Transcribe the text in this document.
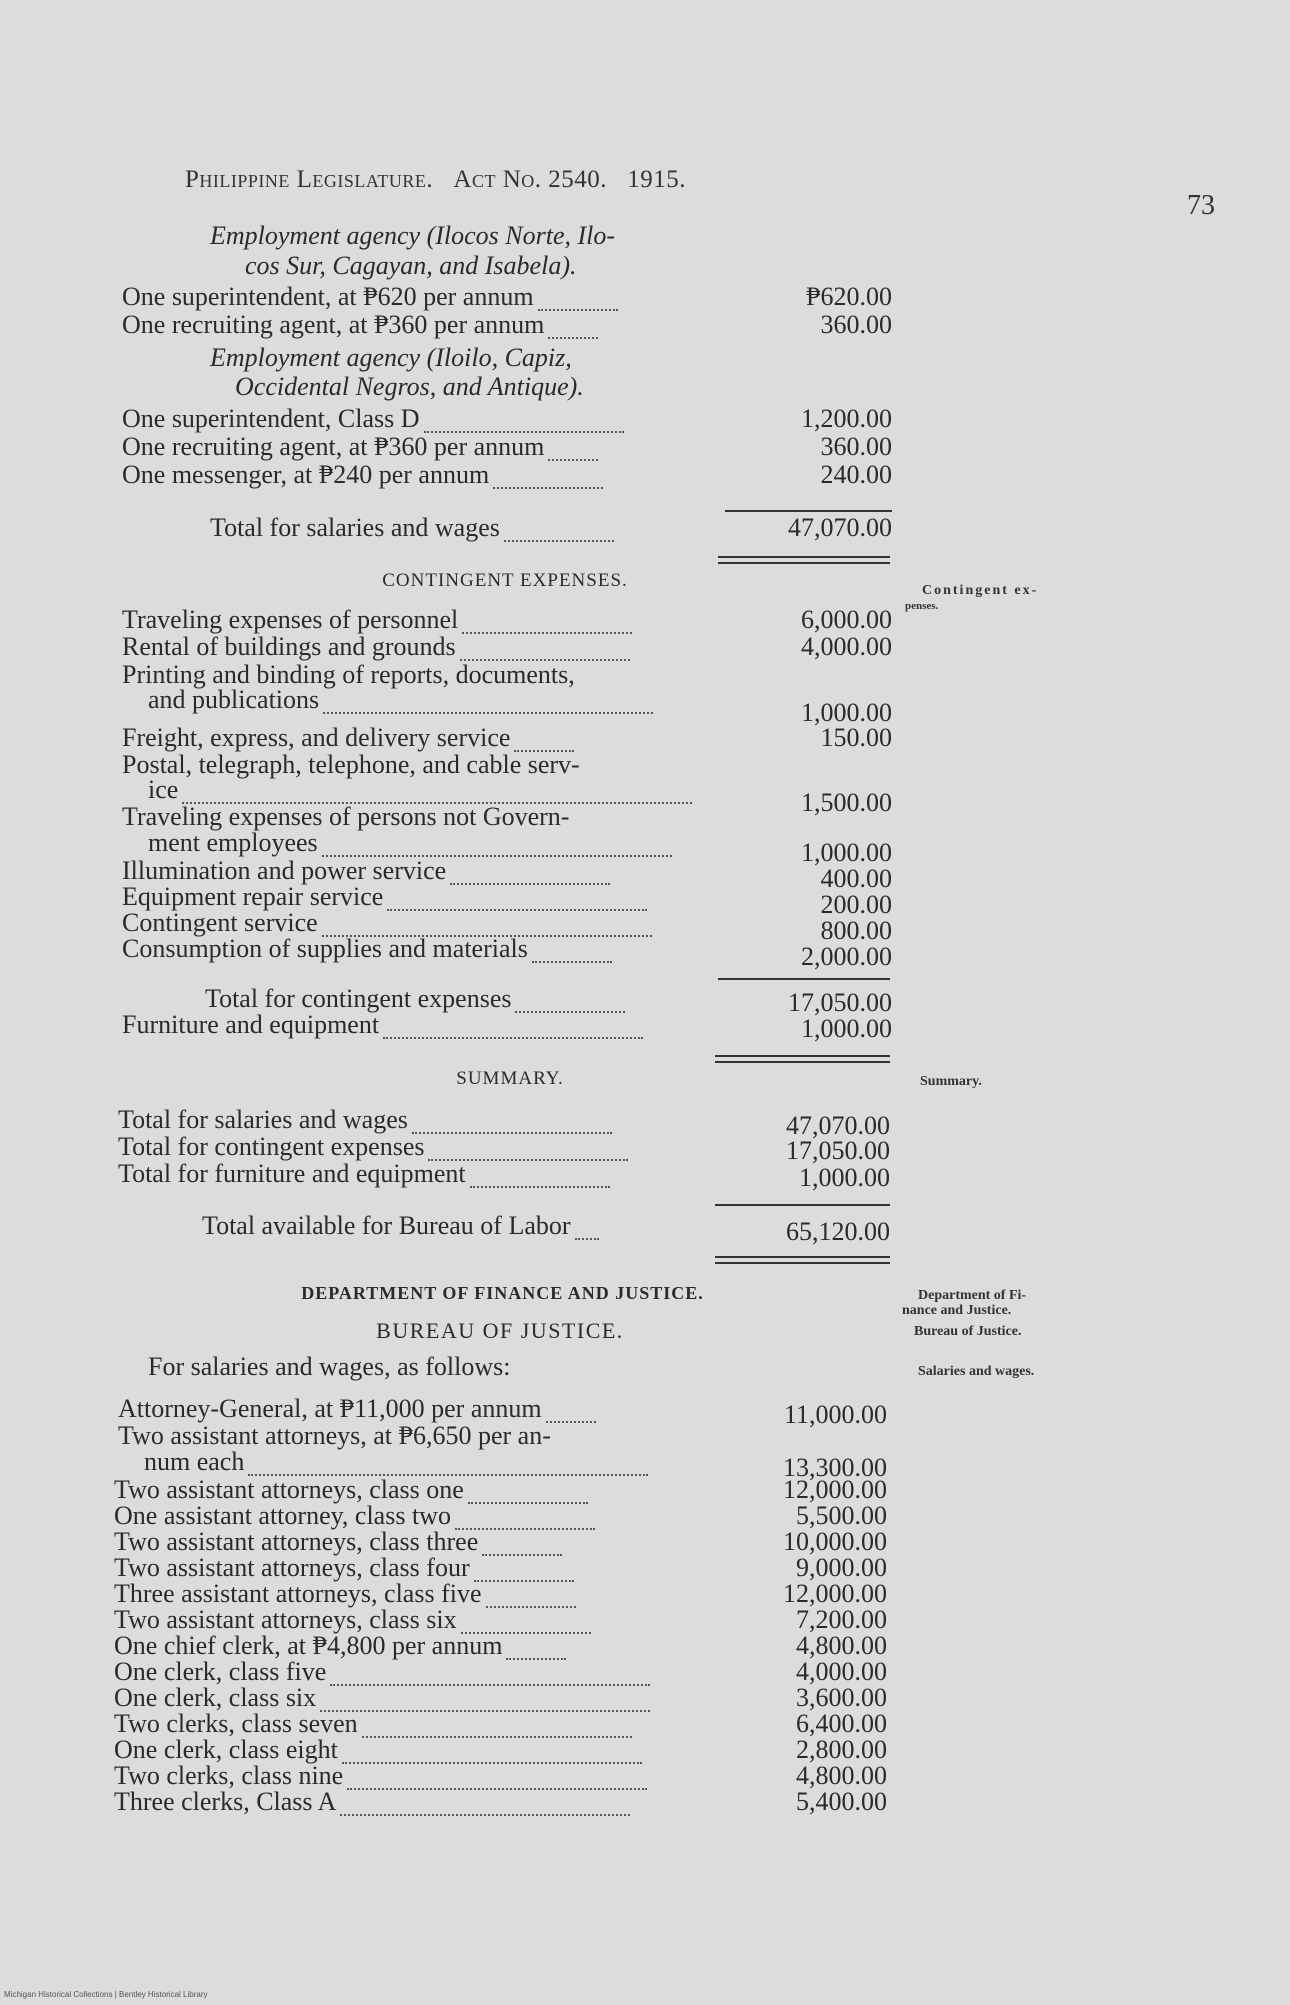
Philippine Legislature. Act No. 2540. 1915.
73
Employment agency (Ilocos Norte, Ilo-
cos Sur, Cagayan, and Isabela).
One superintendent, at ₱620 per annum	₱620.00
One recruiting agent, at ₱360 per annum	360.00
Employment agency (Iloilo, Capiz,
Occidental Negros, and Antique).
One superintendent, Class D	1,200.00
One recruiting agent, at ₱360 per annum	360.00
One messenger, at ₱240 per annum	240.00
Total for salaries and wages	47,070.00
CONTINGENT EXPENSES.	Contingent ex-
penses.
Traveling expenses of personnel	6,000.00
Rental of buildings and grounds	4,000.00
Printing and binding of reports, documents,
and publications	1,000.00
Freight, express, and delivery service	150.00
Postal, telegraph, telephone, and cable serv-
ice	1,500.00
Traveling expenses of persons not Govern-
ment employees	1,000.00
Illumination and power service	400.00
Equipment repair service	200.00
Contingent service	800.00
Consumption of supplies and materials	2,000.00
Total for contingent expenses	17,050.00
Furniture and equipment	1,000.00
SUMMARY.	Summary.
Total for salaries and wages	47,070.00
Total for contingent expenses	17,050.00
Total for furniture and equipment	1,000.00
Total available for Bureau of Labor	65,120.00
DEPARTMENT OF FINANCE AND JUSTICE.	Department of Fi-
nance and Justice.
Bureau of Justice.
BUREAU OF JUSTICE.
For salaries and wages, as follows:	Salaries and wages.
Attorney-General, at ₱11,000 per annum	11,000.00
Two assistant attorneys, at ₱6,650 per an-
num each	13,300.00
Two assistant attorneys, class one	12,000.00
One assistant attorney, class two	5,500.00
Two assistant attorneys, class three	10,000.00
Two assistant attorneys, class four	9,000.00
Three assistant attorneys, class five	12,000.00
Two assistant attorneys, class six	7,200.00
One chief clerk, at ₱4,800 per annum	4,800.00
One clerk, class five	4,000.00
One clerk, class six	3,600.00
Two clerks, class seven	6,400.00
One clerk, class eight	2,800.00
Two clerks, class nine	4,800.00
Three clerks, Class A	5,400.00
Michigan Historical Collections | Bentley Historical Library
